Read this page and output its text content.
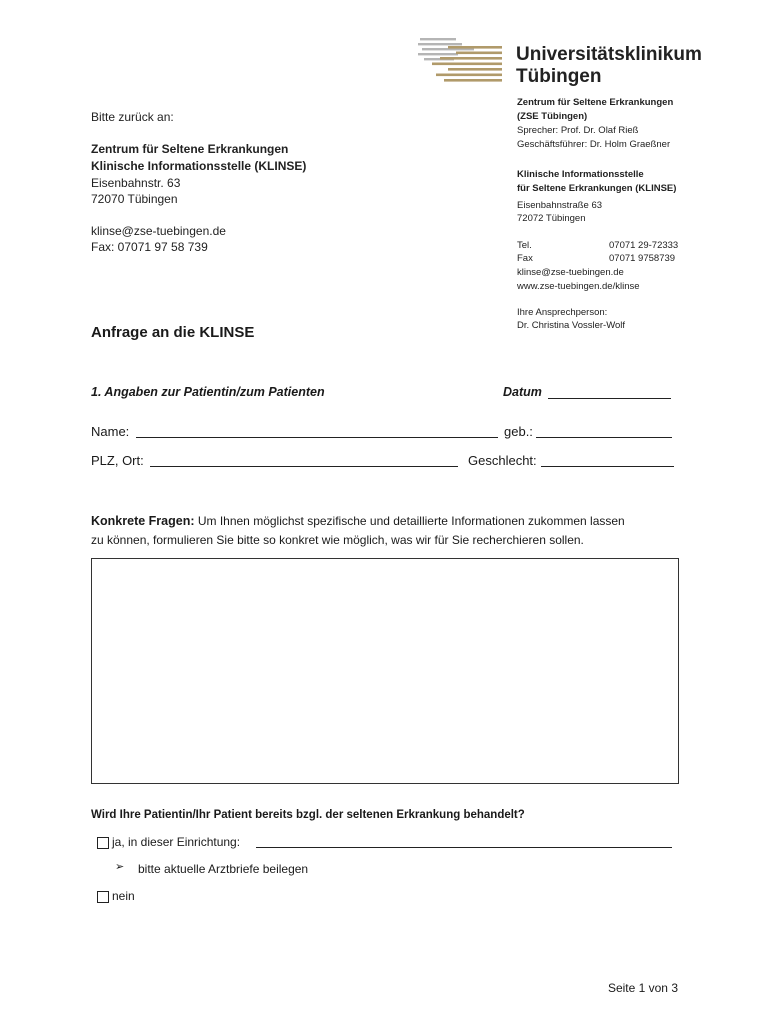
Universitätsklinikum
Tübingen
Zentrum für Seltene Erkrankungen
(ZSE Tübingen)
Sprecher: Prof. Dr. Olaf Rieß
Geschäftsführer: Dr. Holm Graeßner
Klinische Informationsstelle
für Seltene Erkrankungen (KLINSE)
Eisenbahnstraße 63
72072 Tübingen
Tel.	07071 29-72333
Fax	07071 9758739
klinse@zse-tuebingen.de
www.zse-tuebingen.de/klinse
Ihre Ansprechperson:
Dr. Christina Vossler-Wolf
Bitte zurück an:
Zentrum für Seltene Erkrankungen
Klinische Informationsstelle (KLINSE)
Eisenbahnstr. 63
72070 Tübingen
klinse@zse-tuebingen.de
Fax: 07071 97 58 739
Anfrage an die KLINSE
1. Angaben zur Patientin/zum Patienten	Datum
Name:	geb.:
PLZ, Ort:	Geschlecht:
Konkrete Fragen: Um Ihnen möglichst spezifische und detaillierte Informationen zukommen lassen
zu können, formulieren Sie bitte so konkret wie möglich, was wir für Sie recherchieren sollen.
Wird Ihre Patientin/Ihr Patient bereits bzgl. der seltenen Erkrankung behandelt?
ja, in dieser Einrichtung:
➢ bitte aktuelle Arztbriefe beilegen
nein
Seite 1 von 3
